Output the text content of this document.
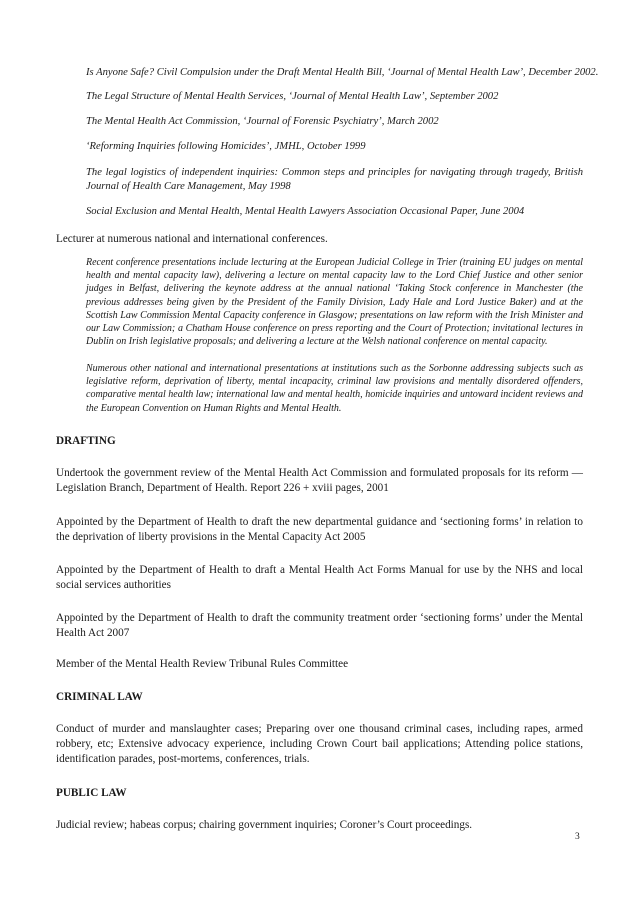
Is Anyone Safe? Civil Compulsion under the Draft Mental Health Bill, ‘Journal of Mental Health Law’, December 2002.
The Legal Structure of Mental Health Services, ‘Journal of Mental Health Law’, September 2002
The Mental Health Act Commission, ‘Journal of Forensic Psychiatry’, March 2002
‘Reforming Inquiries following Homicides’, JMHL, October 1999
The legal logistics of independent inquiries: Common steps and principles for navigating through tragedy, British Journal of Health Care Management, May 1998
Social Exclusion and Mental Health, Mental Health Lawyers Association Occasional Paper, June 2004
Lecturer at numerous national and international conferences.
Recent conference presentations include lecturing at the European Judicial College in Trier (training EU judges on mental health and mental capacity law), delivering a lecture on mental capacity law to the Lord Chief Justice and other senior judges in Belfast, delivering the keynote address at the annual national ‘Taking Stock conference in Manchester (the previous addresses being given by the President of the Family Division, Lady Hale and Lord Justice Baker) and at the Scottish Law Commission Mental Capacity conference in Glasgow; presentations on law reform with the Irish Minister and our Law Commission; a Chatham House conference on press reporting and the Court of Protection; invitational lectures in Dublin on Irish legislative proposals; and delivering a lecture at the Welsh national conference on mental capacity.
Numerous other national and international presentations at institutions such as the Sorbonne addressing subjects such as legislative reform, deprivation of liberty, mental incapacity, criminal law provisions and mentally disordered offenders, comparative mental health law; international law and mental health, homicide inquiries and untoward incident reviews and the European Convention on Human Rights and Mental Health.
DRAFTING
Undertook the government review of the Mental Health Act Commission and formulated proposals for its reform — Legislation Branch, Department of Health. Report 226 + xviii pages, 2001
Appointed by the Department of Health to draft the new departmental guidance and ‘sectioning forms’ in relation to the deprivation of liberty provisions in the Mental Capacity Act 2005
Appointed by the Department of Health to draft a Mental Health Act Forms Manual for use by the NHS and local social services authorities
Appointed by the Department of Health to draft the community treatment order ‘sectioning forms’ under the Mental Health Act 2007
Member of the Mental Health Review Tribunal Rules Committee
CRIMINAL LAW
Conduct of murder and manslaughter cases; Preparing over one thousand criminal cases, including rapes, armed robbery, etc; Extensive advocacy experience, including Crown Court bail applications; Attending police stations, identification parades, post-mortems, conferences, trials.
PUBLIC LAW
Judicial review; habeas corpus; chairing government inquiries; Coroner’s Court proceedings.
3
